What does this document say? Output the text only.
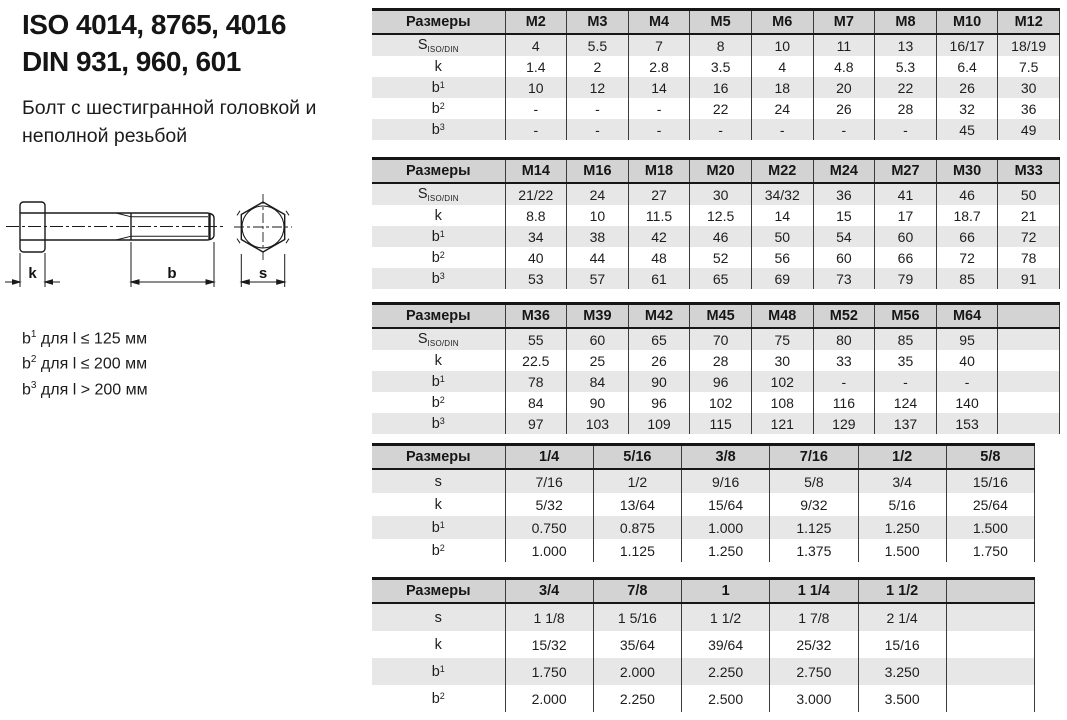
ISO 4014, 8765, 4016
DIN 931, 960, 601
Болт с шестигранной головкой и неполной резьбой
k	b	s
$b^1$ для l ≤ 125 мм
$b^2$ для l ≤ 200 мм
$b^3$ для l > 200 мм
Размеры	M2	M3	M4	M5	M6	M7	M8	M10	M12
$S_{ISO/DIN}$	4	5.5	7	8	10	11	13	16/17	18/19
k	1.4	2	2.8	3.5	4	4.8	5.3	6.4	7.5
$b^1$	10	12	14	16	18	20	22	26	30
$b^2$	-	-	-	22	24	26	28	32	36
$b^3$	-	-	-	-	-	-	-	45	49
Размеры	M14	M16	M18	M20	M22	M24	M27	M30	M33
$S_{ISO/DIN}$	21/22	24	27	30	34/32	36	41	46	50
k	8.8	10	11.5	12.5	14	15	17	18.7	21
$b^1$	34	38	42	46	50	54	60	66	72
$b^2$	40	44	48	52	56	60	66	72	78
$b^3$	53	57	61	65	69	73	79	85	91
Размеры	M36	M39	M42	M45	M48	M52	M56	M64	
$S_{ISO/DIN}$	55	60	65	70	75	80	85	95	
k	22.5	25	26	28	30	33	35	40	
$b^1$	78	84	90	96	102	-	-	-	
$b^2$	84	90	96	102	108	116	124	140	
$b^3$	97	103	109	115	121	129	137	153	
Размеры	1/4	5/16	3/8	7/16	1/2	5/8
s	7/16	1/2	9/16	5/8	3/4	15/16
k	5/32	13/64	15/64	9/32	5/16	25/64
$b^1$	0.750	0.875	1.000	1.125	1.250	1.500
$b^2$	1.000	1.125	1.250	1.375	1.500	1.750
Размеры	3/4	7/8	1	1 1/4	1 1/2	
s	1 1/8	1 5/16	1 1/2	1 7/8	2 1/4	
k	15/32	35/64	39/64	25/32	15/16	
$b^1$	1.750	2.000	2.250	2.750	3.250	
$b^2$	2.000	2.250	2.500	3.000	3.500	
